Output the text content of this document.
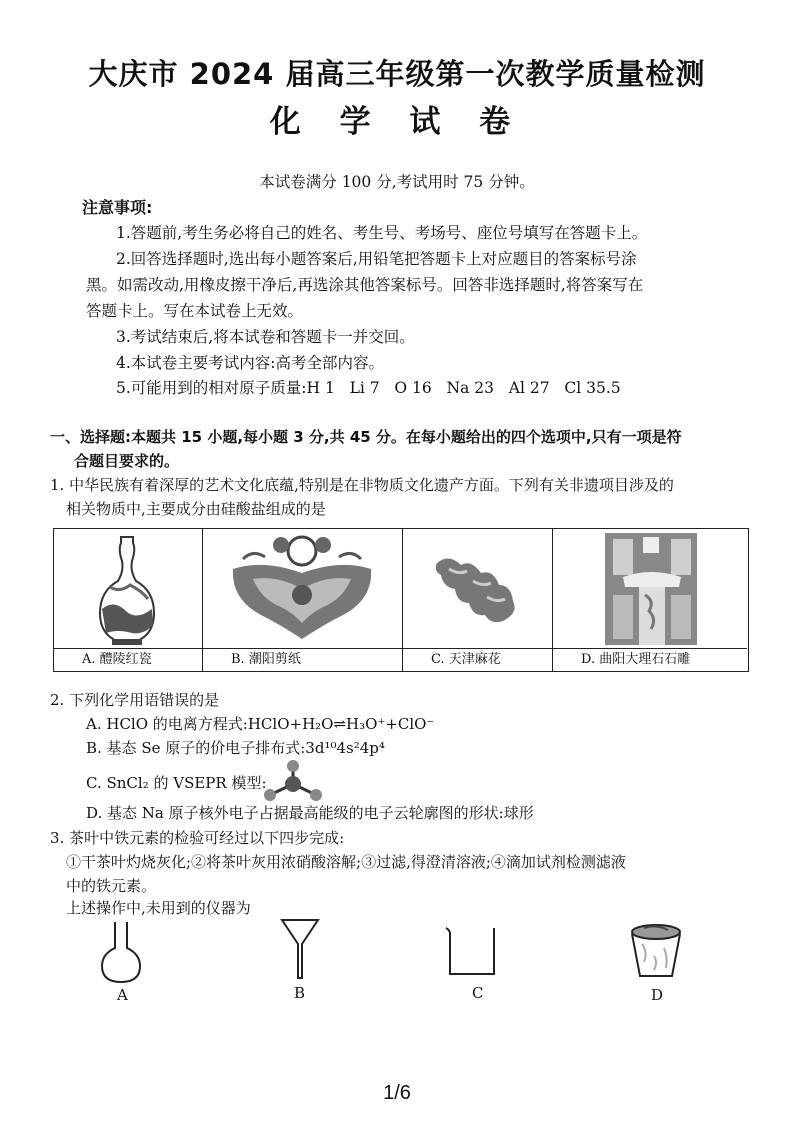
大庆市 2024 届高三年级第一次教学质量检测
化 学 试 卷
本试卷满分 100 分,考试用时 75 分钟。
注意事项:
1.答题前,考生务必将自己的姓名、考生号、考场号、座位号填写在答题卡上。
2.回答选择题时,选出每小题答案后,用铅笔把答题卡上对应题目的答案标号涂
黑。如需改动,用橡皮擦干净后,再选涂其他答案标号。回答非选择题时,将答案写在
答题卡上。写在本试卷上无效。
3.考试结束后,将本试卷和答题卡一并交回。
4.本试卷主要考试内容:高考全部内容。
5.可能用到的相对原子质量:H 1   Li 7   O 16   Na 23   Al 27   Cl 35.5
一、选择题:本题共 15 小题,每小题 3 分,共 45 分。在每小题给出的四个选项中,只有一项是符
合题目要求的。
1. 中华民族有着深厚的艺术文化底蕴,特别是在非物质文化遗产方面。下列有关非遗项目涉及的
相关物质中,主要成分由硅酸盐组成的是
A. 醴陵红瓷	B. 潮阳剪纸	C. 天津麻花	D. 曲阳大理石石雕
2. 下列化学用语错误的是
A. HClO 的电离方程式:HClO+H₂O⇌H₃O⁺+ClO⁻
B. 基态 Se 原子的价电子排布式:3d¹⁰4s²4p⁴
C. SnCl₂ 的 VSEPR 模型:
D. 基态 Na 原子核外电子占据最高能级的电子云轮廓图的形状:球形
3. 茶叶中铁元素的检验可经过以下四步完成:
①干茶叶灼烧灰化;②将茶叶灰用浓硝酸溶解;③过滤,得澄清溶液;④滴加试剂检测滤液
中的铁元素。
上述操作中,未用到的仪器为
A	B	C	D
1/6
